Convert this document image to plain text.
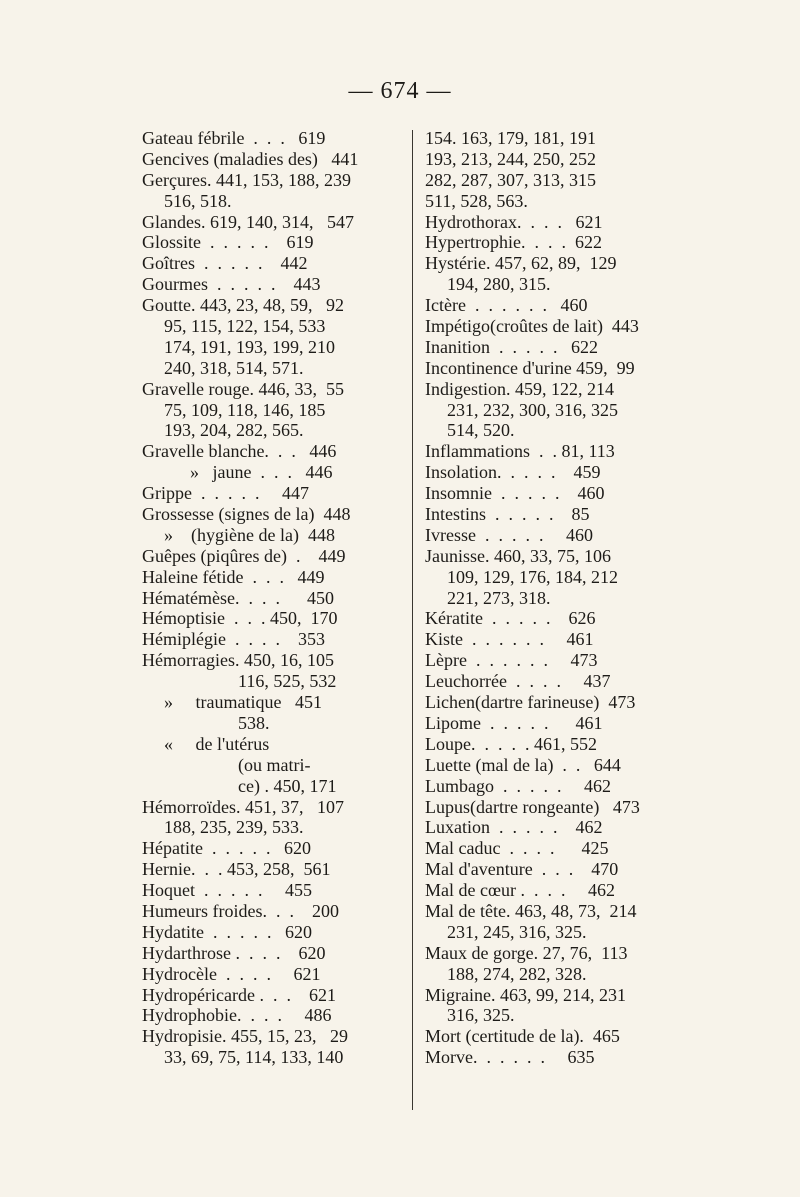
— 674 —
Gateau fébrile  .  .  .   619
Gencives (maladies des)   441
Gerçures. 441, 153, 188, 239
516, 518.
Glandes. 619, 140, 314,   547
Glossite  .  .  .  .  .    619
Goîtres  .  .  .  .  .    442
Gourmes  .  .  .  .  .    443
Goutte. 443, 23, 48, 59,   92
95, 115, 122, 154, 533
174, 191, 193, 199, 210
240, 318, 514, 571.
Gravelle rouge. 446, 33,  55
75, 109, 118, 146, 185
193, 204, 282, 565.
Gravelle blanche.  .  .   446
»   jaune  .  .  .   446
Grippe  .  .  .  .  .     447
Grossesse (signes de la)  448
»    (hygiène de la)  448
Guêpes (piqûres de)  .    449
Haleine fétide  .  .  .   449
Hématémèse.  .  .  .      450
Hémoptisie  .  .  . 450,  170
Hémiplégie  .  .  .  .    353
Hémorragies. 450, 16, 105
116, 525, 532
»     traumatique   451
538.
«     de l'utérus
(ou matri-
ce) . 450, 171
Hémorroïdes. 451, 37,   107
188, 235, 239, 533.
Hépatite  .  .  .  .  .   620
Hernie.  .  . 453, 258,  561
Hoquet  .  .  .  .  .     455
Humeurs froides.  .  .    200
Hydatite  .  .  .  .  .   620
Hydarthrose .  .  .  .    620
Hydrocèle  .  .  .  .     621
Hydropéricarde .  .  .    621
Hydrophobie.  .  .  .     486
Hydropisie. 455, 15, 23,   29
33, 69, 75, 114, 133, 140
154. 163, 179, 181, 191
193, 213, 244, 250, 252
282, 287, 307, 313, 315
511, 528, 563.
Hydrothorax.  .  .  .   621
Hypertrophie.  .  .  .  622
Hystérie. 457, 62, 89,  129
194, 280, 315.
Ictère  .  .  .  .  .  .   460
Impétigo(croûtes de lait)  443
Inanition  .  .  .  .  .   622
Incontinence d'urine 459,  99
Indigestion. 459, 122, 214
231, 232, 300, 316, 325
514, 520.
Inflammations  .  . 81, 113
Insolation.  .  .  .  .    459
Insomnie  .  .  .  .  .    460
Intestins  .  .  .  .  .    85
Ivresse  .  .  .  .  .     460
Jaunisse. 460, 33, 75, 106
109, 129, 176, 184, 212
221, 273, 318.
Kératite  .  .  .  .  .    626
Kiste  .  .  .  .  .  .     461
Lèpre  .  .  .  .  .  .     473
Leuchorrée  .  .  .  .     437
Lichen(dartre farineuse)  473
Lipome  .  .  .  .  .      461
Loupe.  .  .  .  . 461, 552
Luette (mal de la)  .  .   644
Lumbago  .  .  .  .  .     462
Lupus(dartre rongeante)   473
Luxation  .  .  .  .  .    462
Mal caduc  .  .  .  .      425
Mal d'aventure  .  .  .    470
Mal de cœur .  .  .  .     462
Mal de tête. 463, 48, 73,  214
231, 245, 316, 325.
Maux de gorge. 27, 76,  113
188, 274, 282, 328.
Migraine. 463, 99, 214, 231
316, 325.
Mort (certitude de la).  465
Morve.  .  .  .  .  .     635
